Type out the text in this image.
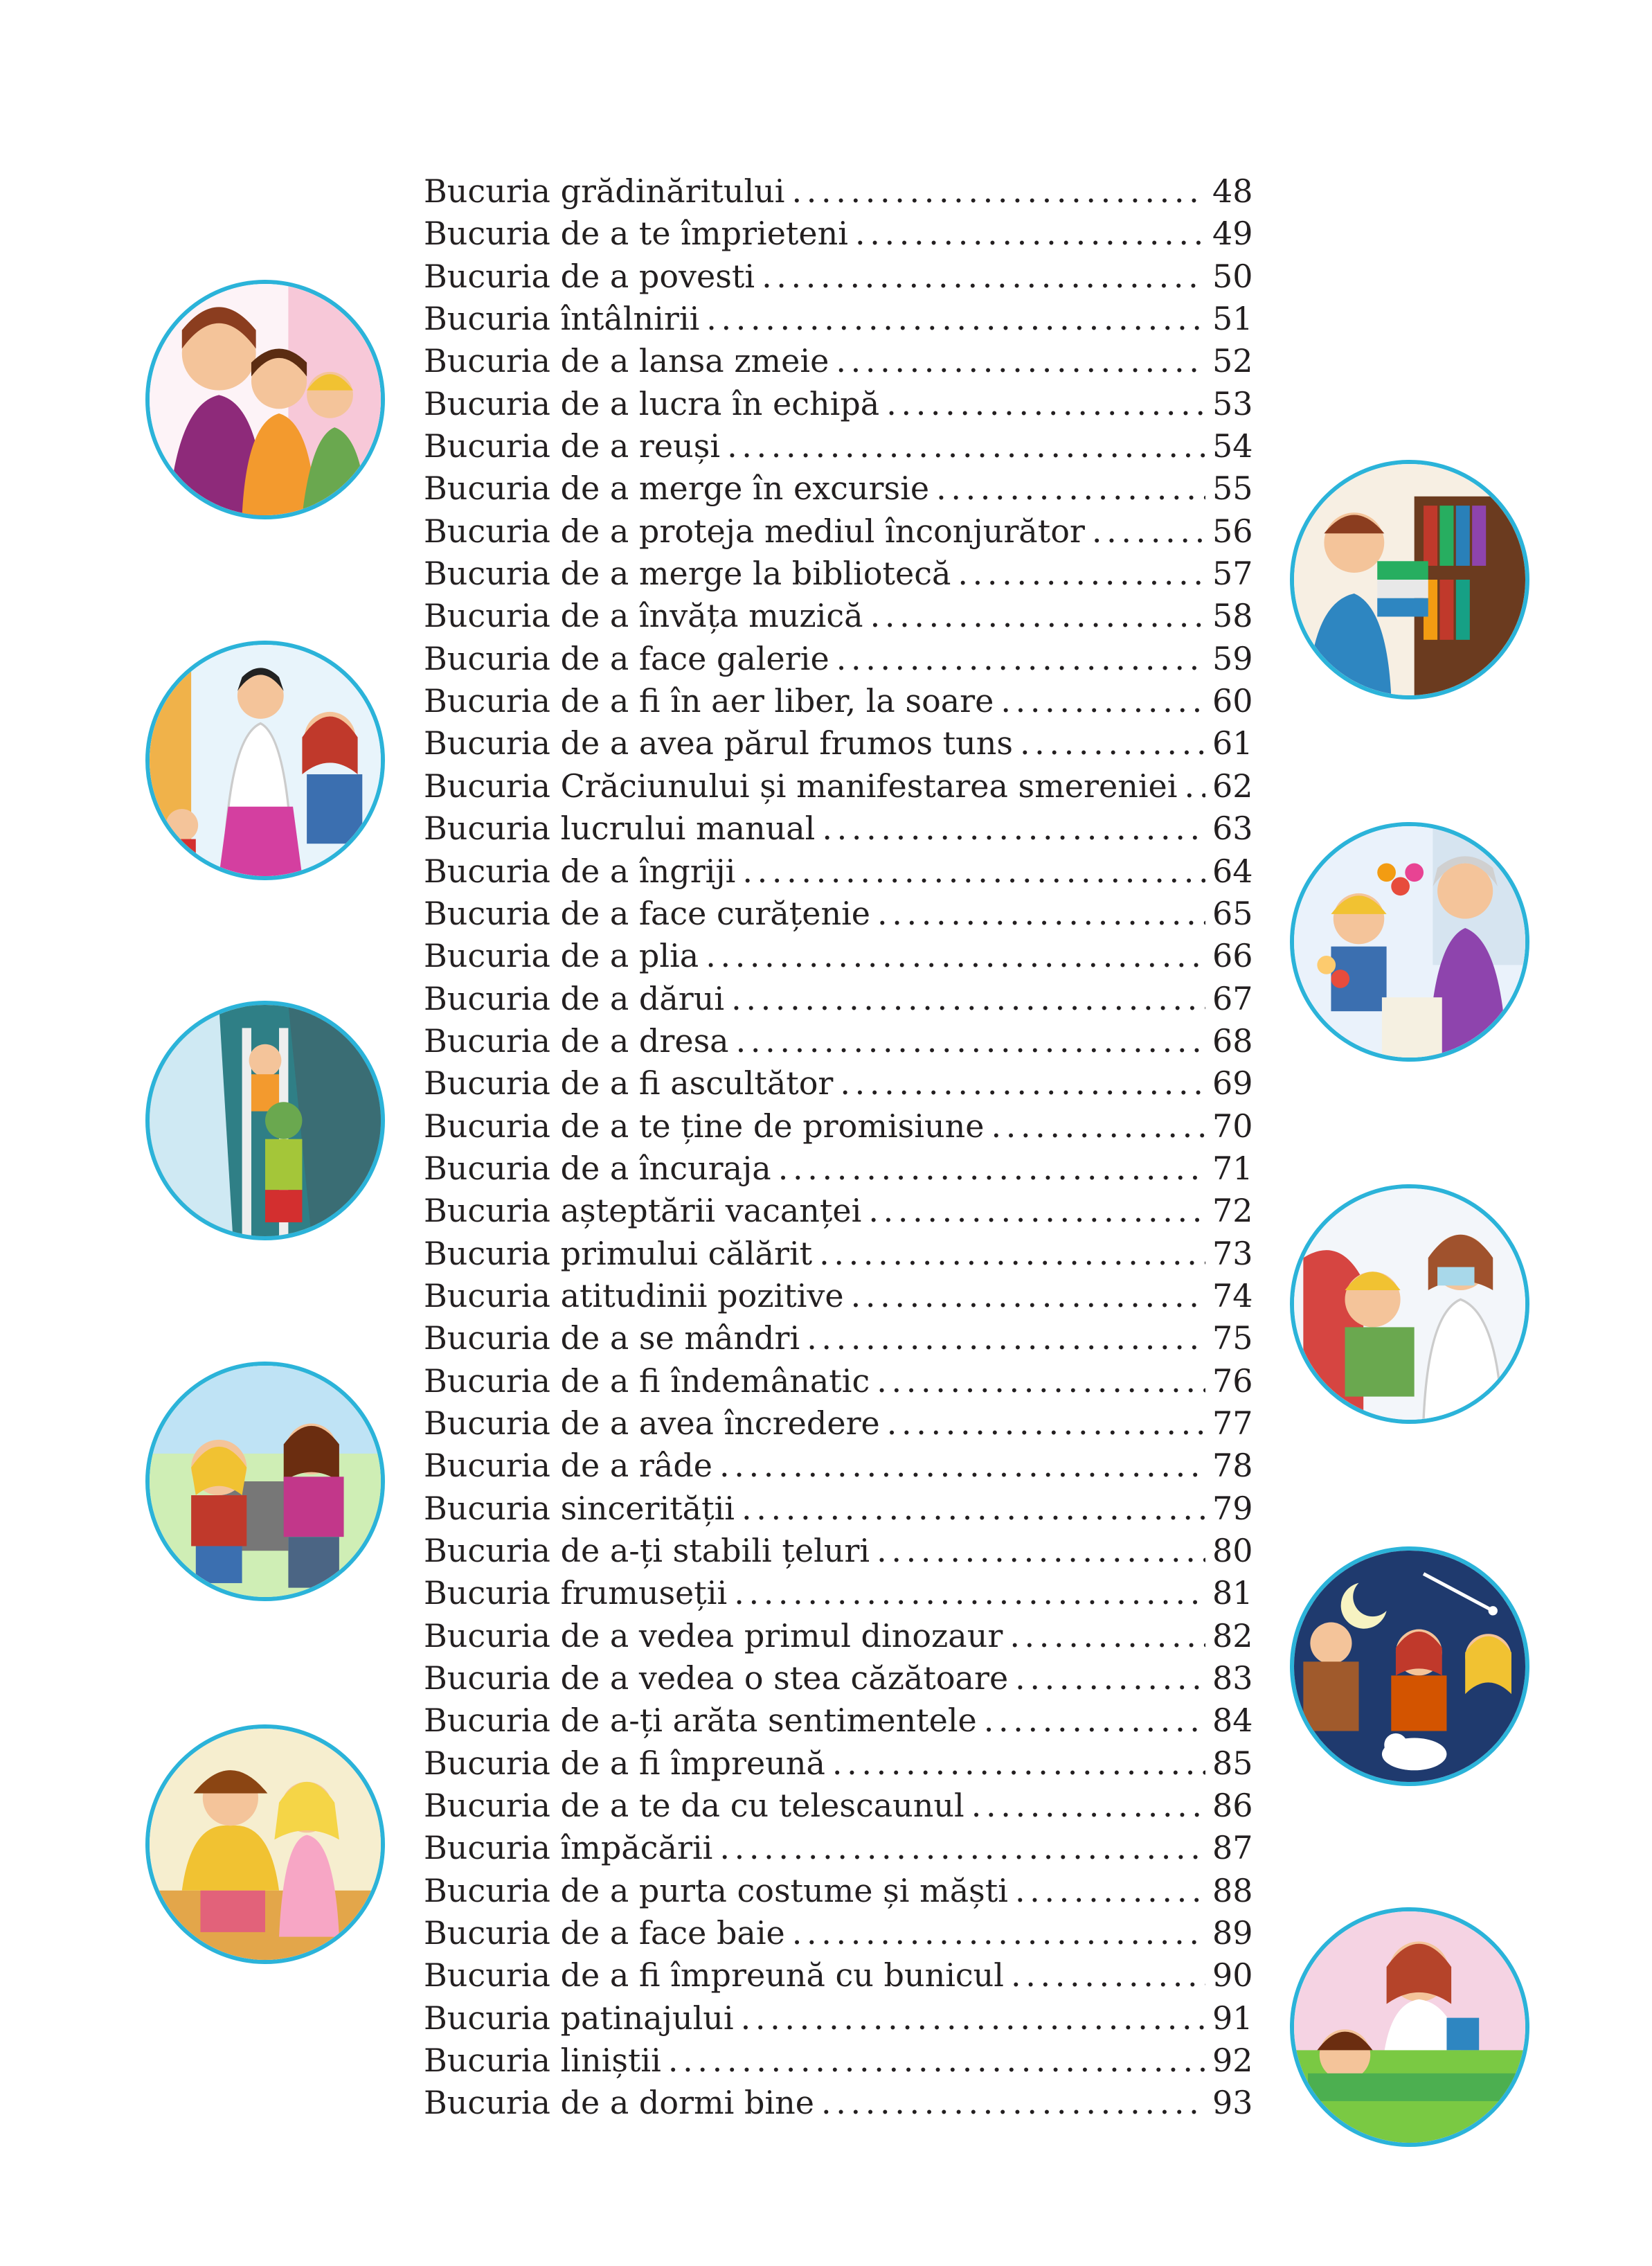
Bucuria grădinăritului . . .	48
Bucuria de a te împrieteni . . .	49
Bucuria de a povesti . . .	50
Bucuria întâlnirii . . .	51
Bucuria de a lansa zmeie . . .	52
Bucuria de a lucra în echipă . . .	53
Bucuria de a reuși . . .	54
Bucuria de a merge în excursie . . .	55
Bucuria de a proteja mediul înconjurător . . .	56
Bucuria de a merge la bibliotecă . . .	57
Bucuria de a învăța muzică . . .	58
Bucuria de a face galerie . . .	59
Bucuria de a fi în aer liber, la soare . . .	60
Bucuria de a avea părul frumos tuns . . .	61
Bucuria Crăciunului și manifestarea smereniei . . . 62
Bucuria lucrului manual . . .	63
Bucuria de a îngriji . . .	64
Bucuria de a face curățenie . . .	65
Bucuria de a plia . . .	66
Bucuria de a dărui . . .	67
Bucuria de a dresa . . .	68
Bucuria de a fi ascultător . . .	69
Bucuria de a te ține de promisiune . . .	70
Bucuria de a încuraja . . .	71
Bucuria așteptării vacanței . . .	72
Bucuria primului călărit . . .	73
Bucuria atitudinii pozitive . . .	74
Bucuria de a se mândri . . .	75
Bucuria de a fi îndemânatic . . .	76
Bucuria de a avea încredere . . .	77
Bucuria de a râde . . .	78
Bucuria sincerității . . .	79
Bucuria de a-ți stabili țeluri . . .	80
Bucuria frumuseții . . .	81
Bucuria de a vedea primul dinozaur . . .	82
Bucuria de a vedea o stea căzătoare . . .	83
Bucuria de a-ți arăta sentimentele . . .	84
Bucuria de a fi împreună . . .	85
Bucuria de a te da cu telescaunul . . .	86
Bucuria împăcării . . .	87
Bucuria de a purta costume și măști . . .	88
Bucuria de a face baie . . .	89
Bucuria de a fi împreună cu bunicul . . .	90
Bucuria patinajului . . .	91
Bucuria liniștii . . .	92
Bucuria de a dormi bine . . .	93
